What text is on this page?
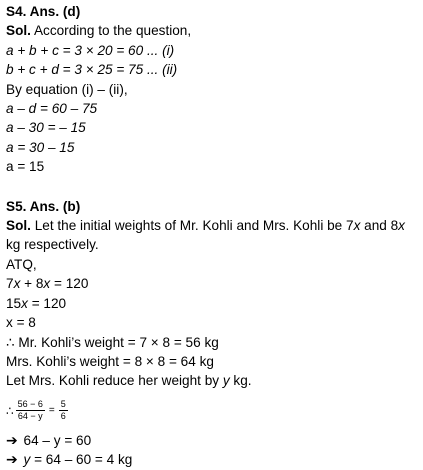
S4. Ans. (d)
Sol. According to the question,
a + b + c = 3 × 20 = 60 ... (i)
b + c + d = 3 × 25 = 75 ... (ii)
By equation (i) – (ii),
a – d = 60 – 75
a – 30 = – 15
a = 30 – 15
a = 15
S5. Ans. (b)
Sol. Let the initial weights of Mr. Kohli and Mrs. Kohli be 7x and 8x kg respectively.
ATQ,
7x + 8x = 120
15x = 120
x = 8
∴ Mr. Kohli’s weight = 7 × 8 = 56 kg
Mrs. Kohli’s weight = 8 × 8 = 64 kg
Let Mrs. Kohli reduce her weight by y kg.
∴ $\frac{56 - 6}{64 - y} = \frac{5}{6}$
➔ 64 – y = 60
➔ y = 64 – 60 = 4 kg
